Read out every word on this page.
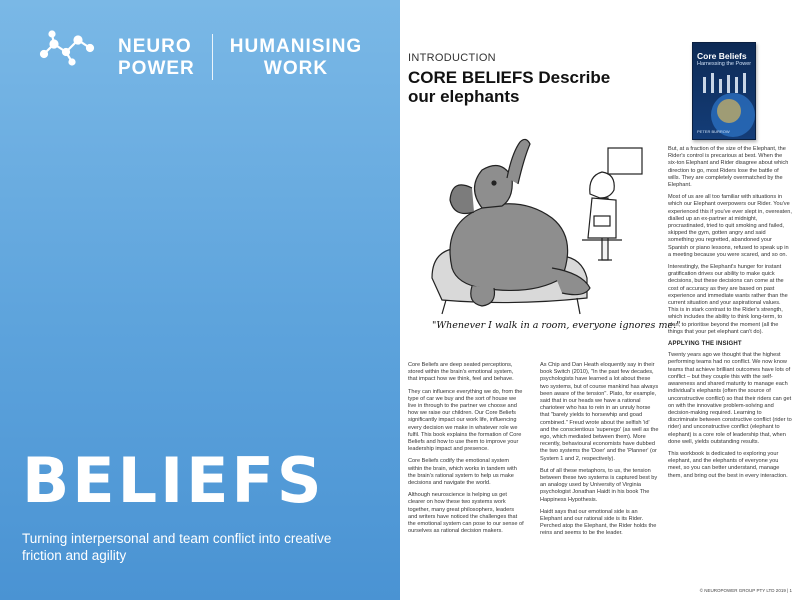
NEURO POWER
HUMANISING WORK
BELIEFS
Turning interpersonal and team conflict into creative friction and agility
INTRODUCTION
CORE BELIEFS Describe our elephants
Core Beliefs
Harnessing the Power
PETER BURROW
"Whenever I walk in a room, everyone ignores me."

Core Beliefs are deep seated perceptions, stored within the brain's emotional system, that impact how we think, feel and behave.

They can influence everything we do, from the type of car we buy and the sort of house we live in through to the partner we choose and how we raise our children. Our Core Beliefs significantly impact our work life, influencing every decision we make in whatever role we fulfil. This book explains the formation of Core Beliefs and how to use them to improve your leadership impact and presence.

Core Beliefs codify the emotional system within the brain, which works in tandem with the brain's rational system to help us make decisions and navigate the world.

Although neuroscience is helping us get clearer on how these two systems work together, many great philosophers, leaders and writers have noticed the challenges that the emotional system can pose to our sense of ourselves as rational decision makers.

As Chip and Dan Heath eloquently say in their book Switch (2010), "In the past few decades, psychologists have learned a lot about these two systems, but of course mankind has always been aware of the tension". Plato, for example, said that in our heads we have a rational charioteer who has to rein in an unruly horse that "barely yields to horsewhip and goad combined." Freud wrote about the selfish 'id' and the conscientious 'superego' (as well as the ego, which mediated between them). More recently, behavioural economists have dubbed the two systems the 'Doer' and the 'Planner' (or System 1 and 2, respectively).

But of all these metaphors, to us, the tension between these two systems is captured best by an analogy used by University of Virginia psychologist Jonathan Haidt in his book The Happiness Hypothesis.

Haidt says that our emotional side is an Elephant and our rational side is its Rider. Perched atop the Elephant, the Rider holds the reins and seems to be the leader.

But, at a fraction of the size of the Elephant, the Rider's control is precarious at best. When the six-ton Elephant and Rider disagree about which direction to go, most Riders lose the battle of wills. They are completely overmatched by the Elephant.

Most of us are all too familiar with situations in which our Elephant overpowers our Rider. You've experienced this if you've ever slept in, overeaten, dialled up an ex-partner at midnight, procrastinated, tried to quit smoking and failed, skipped the gym, gotten angry and said something you regretted, abandoned your Spanish or piano lessons, refused to speak up in a meeting because you were scared, and so on.

Interestingly, the Elephant's hunger for instant gratification drives our ability to make quick decisions, but these decisions can come at the cost of accuracy as they are based on past experience and immediate wants rather than the current situation and your aspirational values. This is in stark contrast to the Rider's strength, which includes the ability to think long-term, to plan, to prioritise beyond the moment (all the things that your pet elephant can't do).

APPLYING THE INSIGHT

Twenty years ago we thought that the highest performing teams had no conflict. We now know teams that achieve brilliant outcomes have lots of conflict – but they couple this with the self-awareness and shared maturity to manage each individual's elephants (often the source of unconstructive conflict) so that their riders can get on with the innovative problem-solving and decision-making required. Learning to discriminate between constructive conflict (rider to rider) and unconstructive conflict (elephant to elephant) is a core role of leadership that, when done well, yields outstanding results.

This workbook is dedicated to exploring your elephant, and the elephants of everyone you meet, so you can better understand, manage them, and bring out the best in every interaction.

© NEUROPOWER GROUP PTY LTD 2019 | 1
